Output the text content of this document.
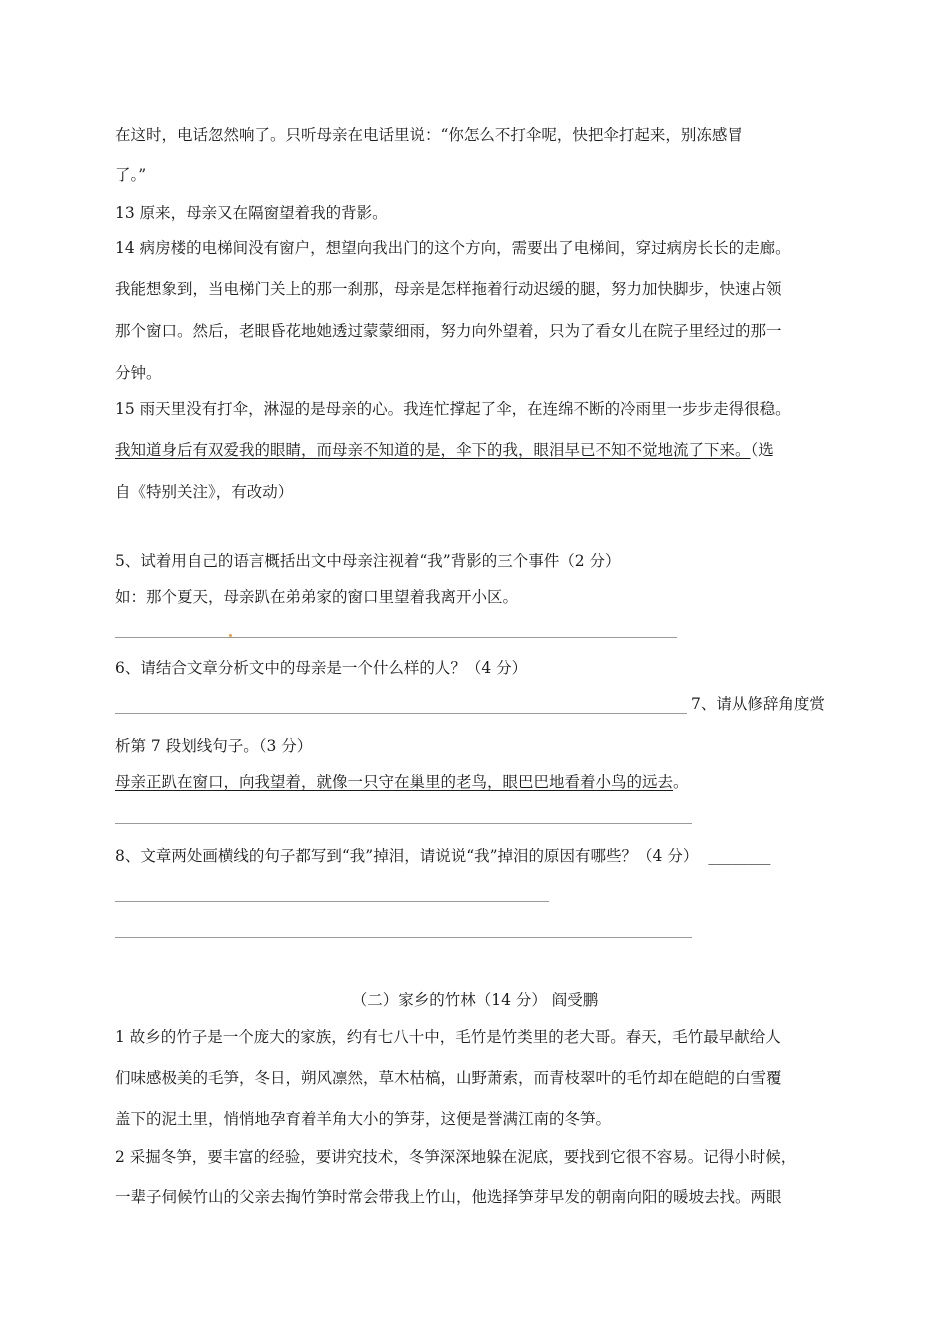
在这时，电话忽然响了。只听母亲在电话里说：“你怎么不打伞呢，快把伞打起来，别冻感冒
了。”
13 原来，母亲又在隔窗望着我的背影。
14 病房楼的电梯间没有窗户，想望向我出门的这个方向，需要出了电梯间，穿过病房长长的走廊。
我能想象到，当电梯门关上的那一刹那，母亲是怎样拖着行动迟缓的腿，努力加快脚步，快速占领
那个窗口。然后，老眼昏花地她透过蒙蒙细雨，努力向外望着，只为了看女儿在院子里经过的那一
分钟。
15 雨天里没有打伞，淋湿的是母亲的心。我连忙撑起了伞，在连绵不断的冷雨里一步步走得很稳。
我知道身后有双爱我的眼睛，而母亲不知道的是，伞下的我，眼泪早已不知不觉地流了下来。（选
自《特别关注》，有改动）
5、试着用自己的语言概括出文中母亲注视着“我”背影的三个事件（2 分）
如：那个夏天，母亲趴在弟弟家的窗口里望着我离开小区。
6、请结合文章分析文中的母亲是一个什么样的人？（4 分）
7、请从修辞角度赏
析第 7 段划线句子。（3 分）
母亲正趴在窗口，向我望着，就像一只守在巢里的老鸟，眼巴巴地看着小鸟的远去。
8、文章两处画横线的句子都写到“我”掉泪，请说说“我”掉泪的原因有哪些？（4 分） ________
（二）家乡的竹林（14 分） 阎受鹏
1 故乡的竹子是一个庞大的家族，约有七八十中，毛竹是竹类里的老大哥。春天，毛竹最早献给人
们味感极美的毛笋，冬日，朔风凛然，草木枯槁，山野萧索，而青枝翠叶的毛竹却在皑皑的白雪覆
盖下的泥土里，悄悄地孕育着羊角大小的笋芽，这便是誉满江南的冬笋。
2 采掘冬笋，要丰富的经验，要讲究技术，冬笋深深地躲在泥底，要找到它很不容易。记得小时候，
一辈子伺候竹山的父亲去掏竹笋时常会带我上竹山，他选择笋芽早发的朝南向阳的暖坡去找。两眼
